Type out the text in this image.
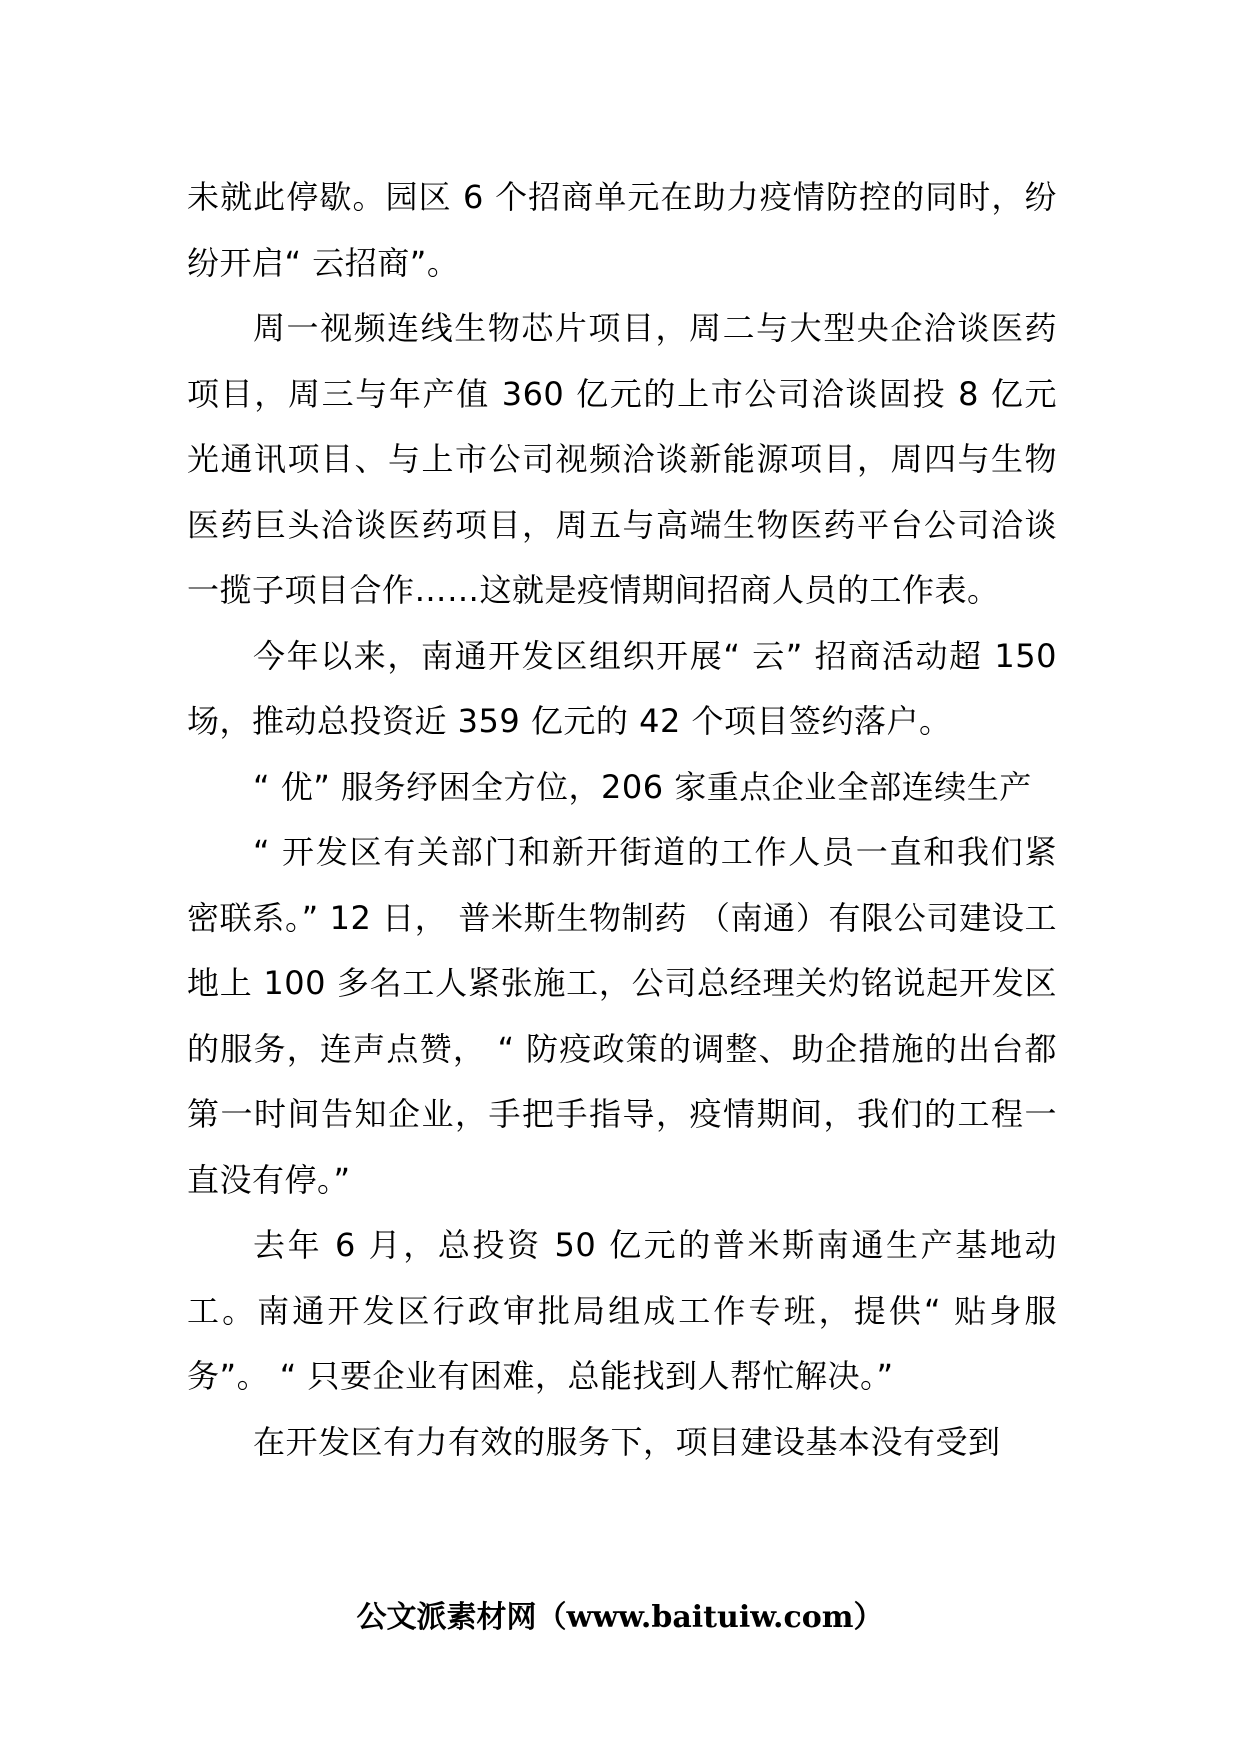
未就此停歇。园区 6 个招商单元在助力疫情防控的同时，纷纷开启“ 云招商”。

周一视频连线生物芯片项目，周二与大型央企洽谈医药项目，周三与年产值 360 亿元的上市公司洽谈固投 8 亿元光通讯项目、与上市公司视频洽谈新能源项目，周四与生物医药巨头洽谈医药项目，周五与高端生物医药平台公司洽谈一揽子项目合作……这就是疫情期间招商人员的工作表。

今年以来，南通开发区组织开展“ 云” 招商活动超 150 场，推动总投资近 359 亿元的 42 个项目签约落户。

“ 优” 服务纾困全方位，206 家重点企业全部连续生产

“ 开发区有关部门和新开街道的工作人员一直和我们紧密联系。” 12 日， 普米斯生物制药 （南通）有限公司建设工地上 100 多名工人紧张施工，公司总经理关灼铭说起开发区的服务，连声点赞， “ 防疫政策的调整、助企措施的出台都第一时间告知企业，手把手指导，疫情期间，我们的工程一直没有停。”

去年 6 月，总投资 50 亿元的普米斯南通生产基地动工。南通开发区行政审批局组成工作专班，提供“ 贴身服务”。 “ 只要企业有困难，总能找到人帮忙解决。”

在开发区有力有效的服务下，项目建设基本没有受到

公文派素材网（www.baituiw.com）
